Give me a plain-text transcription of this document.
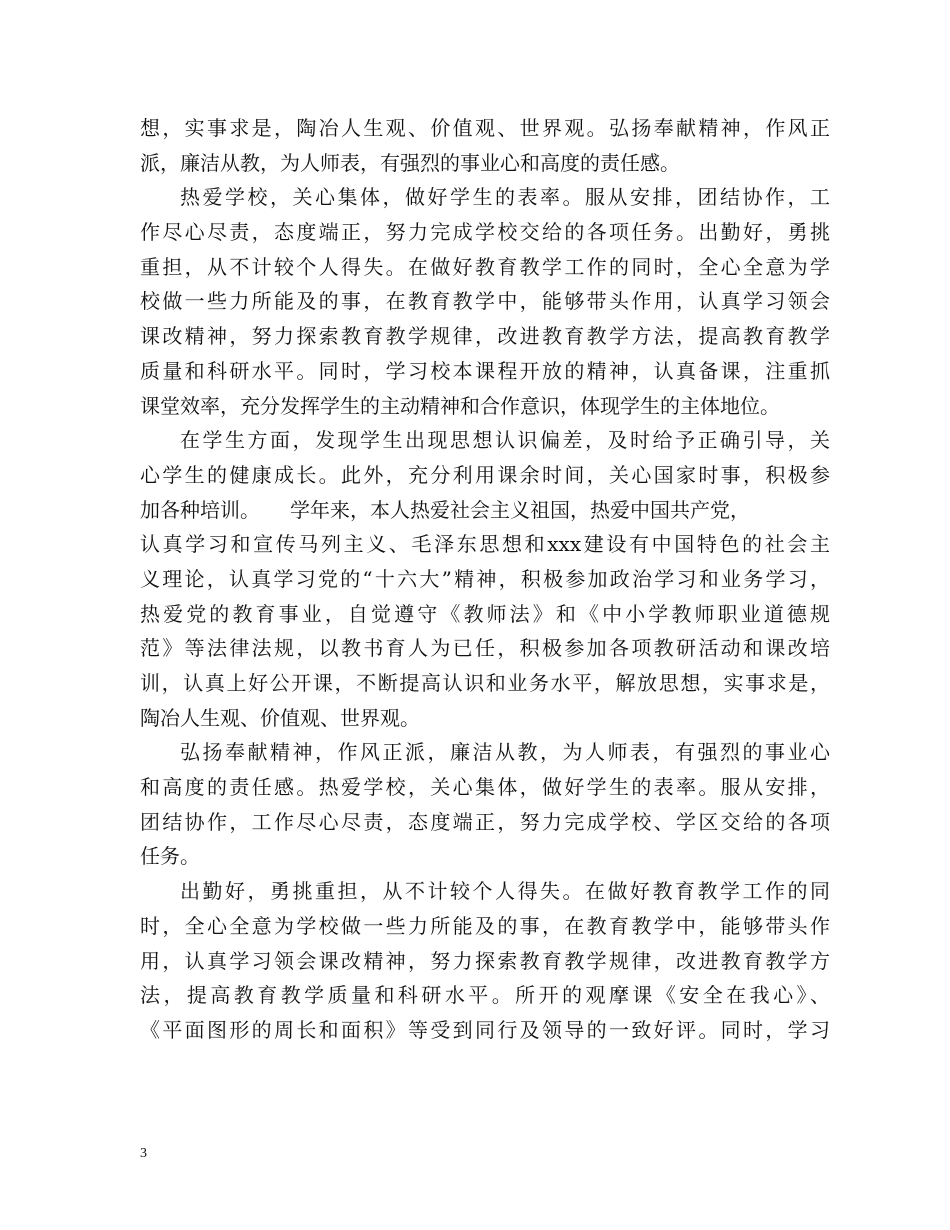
想，实事求是，陶冶人生观、价值观、世界观。弘扬奉献精神，作风正
派，廉洁从教，为人师表，有强烈的事业心和高度的责任感。
热爱学校，关心集体，做好学生的表率。服从安排，团结协作，工
作尽心尽责，态度端正，努力完成学校交给的各项任务。出勤好，勇挑
重担，从不计较个人得失。在做好教育教学工作的同时，全心全意为学
校做一些力所能及的事，在教育教学中，能够带头作用，认真学习领会
课改精神，努力探索教育教学规律，改进教育教学方法，提高教育教学
质量和科研水平。同时，学习校本课程开放的精神，认真备课，注重抓
课堂效率，充分发挥学生的主动精神和合作意识，体现学生的主体地位。
在学生方面，发现学生出现思想认识偏差，及时给予正确引导，关
心学生的健康成长。此外，充分利用课余时间，关心国家时事，积极参
加各种培训。　　学年来，本人热爱社会主义祖国，热爱中国共产党，
认真学习和宣传马列主义、毛泽东思想和xxx建设有中国特色的社会主
义理论，认真学习党的“十六大”精神，积极参加政治学习和业务学习，
热爱党的教育事业，自觉遵守《教师法》和《中小学教师职业道德规
范》等法律法规，以教书育人为已任，积极参加各项教研活动和课改培
训，认真上好公开课，不断提高认识和业务水平，解放思想，实事求是，
陶冶人生观、价值观、世界观。
弘扬奉献精神，作风正派，廉洁从教，为人师表，有强烈的事业心
和高度的责任感。热爱学校，关心集体，做好学生的表率。服从安排，
团结协作，工作尽心尽责，态度端正，努力完成学校、学区交给的各项
任务。
出勤好，勇挑重担，从不计较个人得失。在做好教育教学工作的同
时，全心全意为学校做一些力所能及的事，在教育教学中，能够带头作
用，认真学习领会课改精神，努力探索教育教学规律，改进教育教学方
法，提高教育教学质量和科研水平。所开的观摩课《安全在我心》、
《平面图形的周长和面积》等受到同行及领导的一致好评。同时，学习
3
